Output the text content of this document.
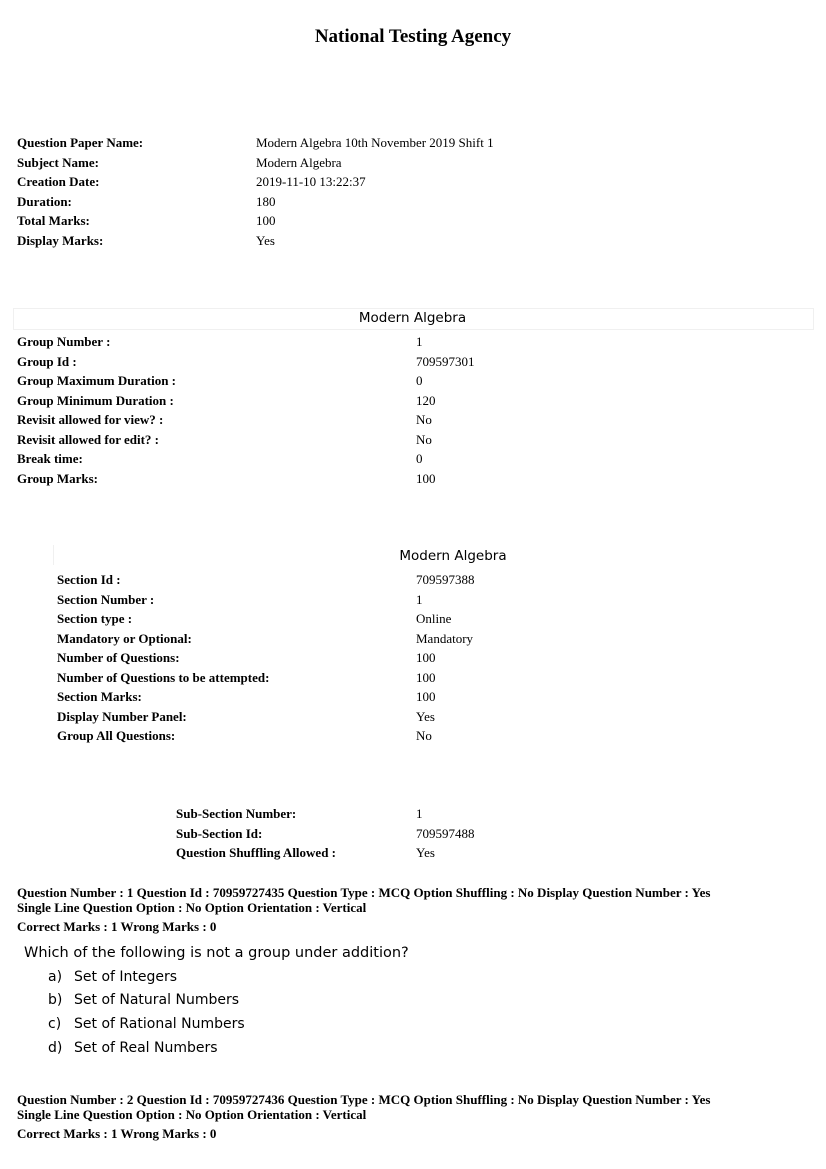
National Testing Agency
Question Paper Name:	Modern Algebra 10th November 2019 Shift 1
Subject Name:	Modern Algebra
Creation Date:	2019-11-10 13:22:37
Duration:	180
Total Marks:	100
Display Marks:	Yes
Modern Algebra
Group Number :	1
Group Id :	709597301
Group Maximum Duration :	0
Group Minimum Duration :	120
Revisit allowed for view? :	No
Revisit allowed for edit? :	No
Break time:	0
Group Marks:	100
Modern Algebra
Section Id :	709597388
Section Number :	1
Section type :	Online
Mandatory or Optional:	Mandatory
Number of Questions:	100
Number of Questions to be attempted:	100
Section Marks:	100
Display Number Panel:	Yes
Group All Questions:	No
Sub-Section Number:	1
Sub-Section Id:	709597488
Question Shuffling Allowed :	Yes
Question Number : 1 Question Id : 70959727435 Question Type : MCQ Option Shuffling : No Display Question Number : Yes
Single Line Question Option : No Option Orientation : Vertical
Correct Marks : 1 Wrong Marks : 0
Which of the following is not a group under addition?
a) Set of Integers
b) Set of Natural Numbers
c) Set of Rational Numbers
d) Set of Real Numbers
Question Number : 2 Question Id : 70959727436 Question Type : MCQ Option Shuffling : No Display Question Number : Yes
Single Line Question Option : No Option Orientation : Vertical
Correct Marks : 1 Wrong Marks : 0
